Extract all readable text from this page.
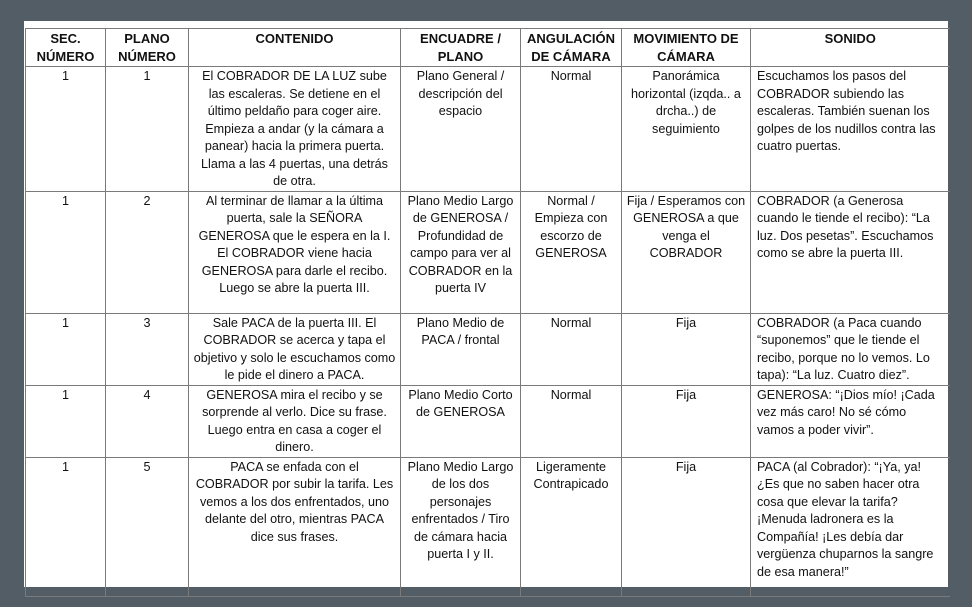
SEC. NÚMERO	PLANO NÚMERO	CONTENIDO	ENCUADRE / PLANO	ANGULACIÓN DE CÁMARA	MOVIMIENTO DE CÁMARA	SONIDO
1	1	El COBRADOR DE LA LUZ sube las escaleras. Se detiene en el último peldaño para coger aire. Empieza a andar (y la cámara a panear) hacia la primera puerta. Llama a las 4 puertas, una detrás de otra.	Plano General / descripción del espacio	Normal	Panorámica horizontal (izqda.. a drcha..) de seguimiento	Escuchamos los pasos del COBRADOR subiendo las escaleras. También suenan los golpes de los nudillos contra las cuatro puertas.
1	2	Al terminar de llamar a la última puerta, sale la SEÑORA GENEROSA que le espera en la I. El COBRADOR viene hacia GENEROSA para darle el recibo. Luego se abre la puerta III.	Plano Medio Largo de GENEROSA / Profundidad de campo para ver al COBRADOR en la puerta IV	Normal / Empieza con escorzo de GENEROSA	Fija / Esperamos con GENEROSA a que venga el COBRADOR	COBRADOR (a Generosa cuando le tiende el recibo): “La luz. Dos pesetas”. Escuchamos como se abre la puerta III.
1	3	Sale PACA de la puerta III. El COBRADOR se acerca y tapa el objetivo y solo le escuchamos como le pide el dinero a PACA.	Plano Medio de PACA / frontal	Normal	Fija	COBRADOR (a Paca cuando “suponemos” que le tiende el recibo, porque no lo vemos. Lo tapa): “La luz. Cuatro diez”.
1	4	GENEROSA mira el recibo y se sorprende al verlo. Dice su frase. Luego entra en casa a coger el dinero.	Plano Medio Corto de GENEROSA	Normal	Fija	GENEROSA: “¡Dios mío! ¡Cada vez más caro! No sé cómo vamos a poder vivir”.
1	5	PACA se enfada con el COBRADOR por subir la tarifa. Les vemos a los dos enfrentados, uno delante del otro, mientras PACA dice sus frases.	Plano Medio Largo de los dos personajes enfrentados / Tiro de cámara hacia puerta I y II.	Ligeramente Contrapicado	Fija	PACA (al Cobrador): “¡Ya, ya! ¿Es que no saben hacer otra cosa que elevar la tarifa? ¡Menuda ladronera es la Compañía! ¡Les debía dar vergüenza chuparnos la sangre de esa manera!”
